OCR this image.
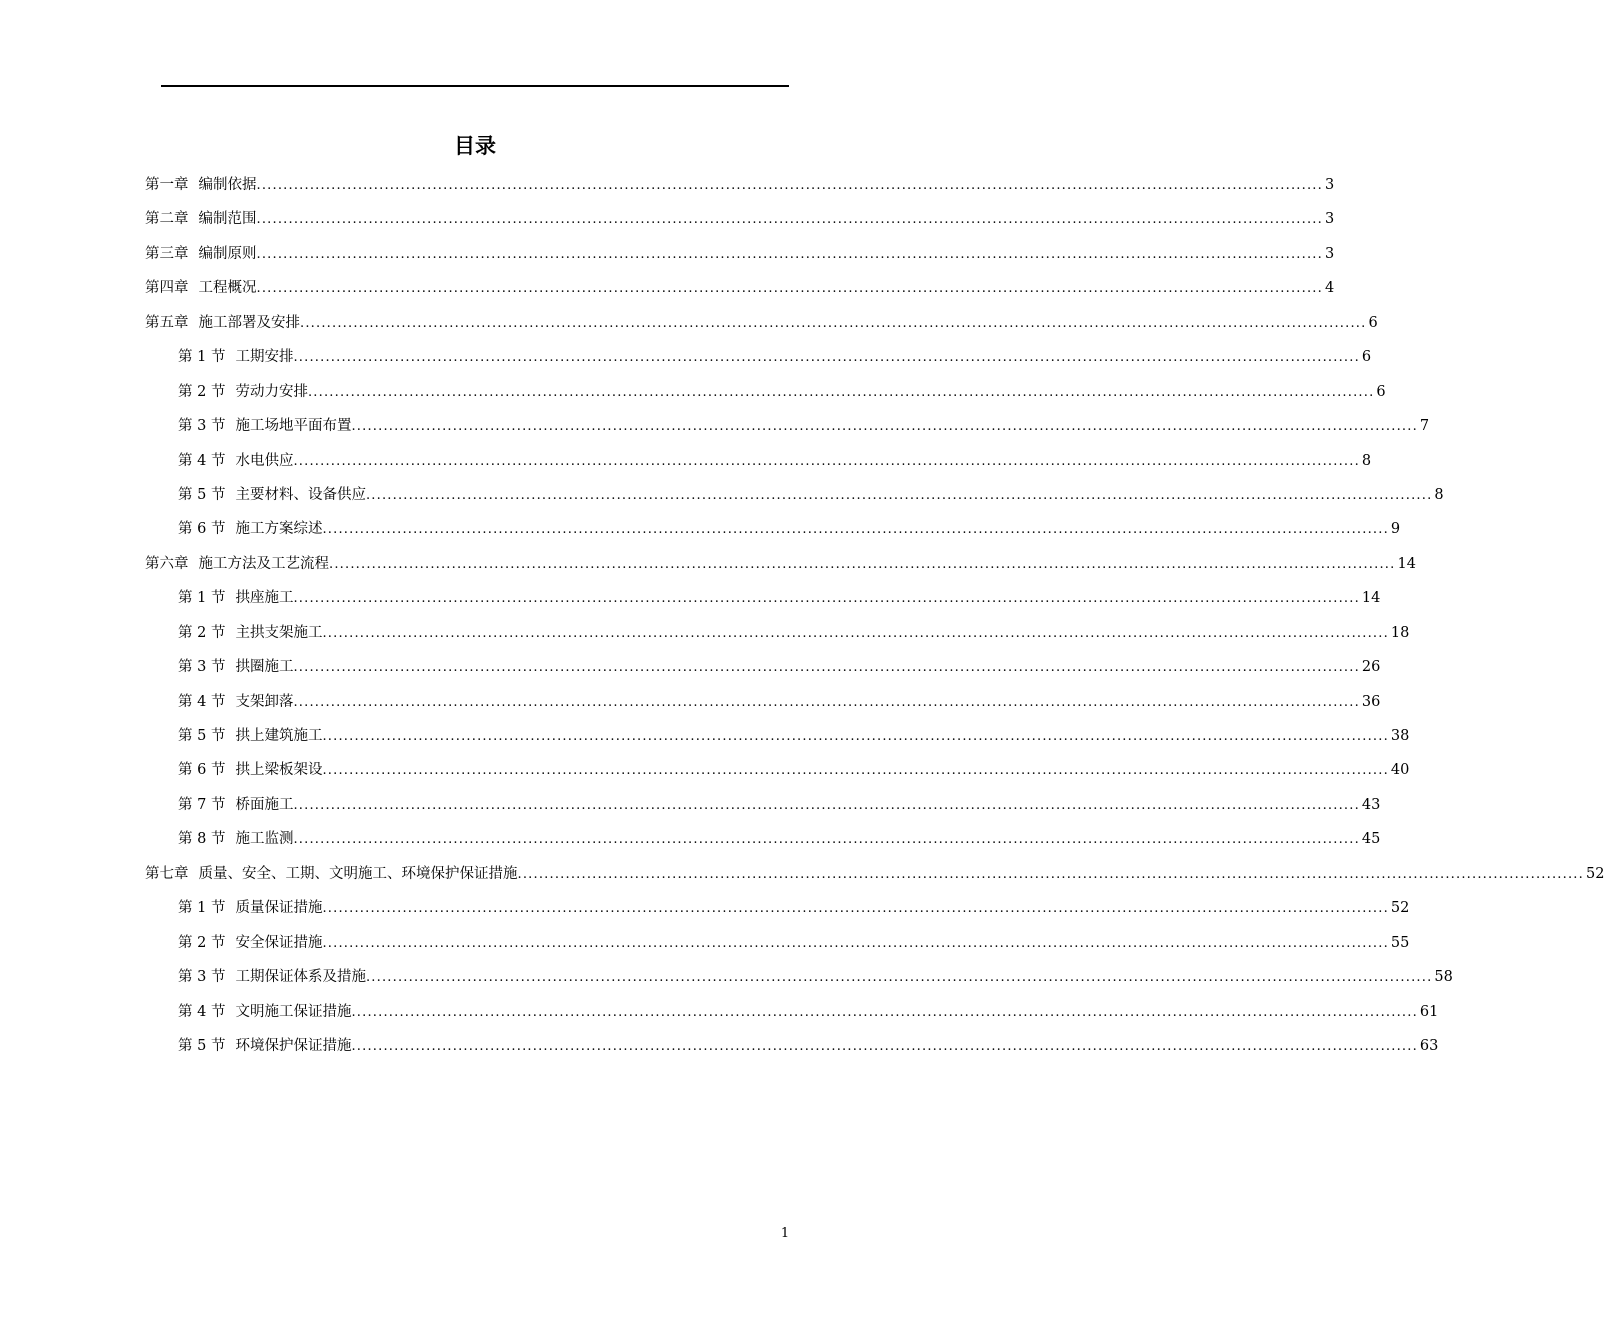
目录
第一章 编制依据 ........................................................................................................................................................................................................ 3
第二章 编制范围 ........................................................................................................................................................................................................ 3
第三章 编制原则 ........................................................................................................................................................................................................ 3
第四章 工程概况 ........................................................................................................................................................................................................ 4
第五章 施工部署及安排 ........................................................................................................................................................................................................ 6
第 1 节 工期安排 ........................................................................................................................................................................................................ 6
第 2 节 劳动力安排 ........................................................................................................................................................................................................ 6
第 3 节 施工场地平面布置 ........................................................................................................................................................................................................ 7
第 4 节 水电供应 ........................................................................................................................................................................................................ 8
第 5 节 主要材料、设备供应 ........................................................................................................................................................................................................ 8
第 6 节 施工方案综述 ........................................................................................................................................................................................................ 9
第六章 施工方法及工艺流程 ........................................................................................................................................................................................................ 14
第 1 节 拱座施工 ........................................................................................................................................................................................................ 14
第 2 节 主拱支架施工 ........................................................................................................................................................................................................ 18
第 3 节 拱圈施工 ........................................................................................................................................................................................................ 26
第 4 节 支架卸落 ........................................................................................................................................................................................................ 36
第 5 节 拱上建筑施工 ........................................................................................................................................................................................................ 38
第 6 节 拱上梁板架设 ........................................................................................................................................................................................................ 40
第 7 节 桥面施工 ........................................................................................................................................................................................................ 43
第 8 节 施工监测 ........................................................................................................................................................................................................ 45
第七章 质量、安全、工期、文明施工、环境保护保证措施 ........................................................................................................................................................................................................ 52
第 1 节 质量保证措施 ........................................................................................................................................................................................................ 52
第 2 节 安全保证措施 ........................................................................................................................................................................................................ 55
第 3 节 工期保证体系及措施 ........................................................................................................................................................................................................ 58
第 4 节 文明施工保证措施 ........................................................................................................................................................................................................ 61
第 5 节 环境保护保证措施 ........................................................................................................................................................................................................ 63
1
